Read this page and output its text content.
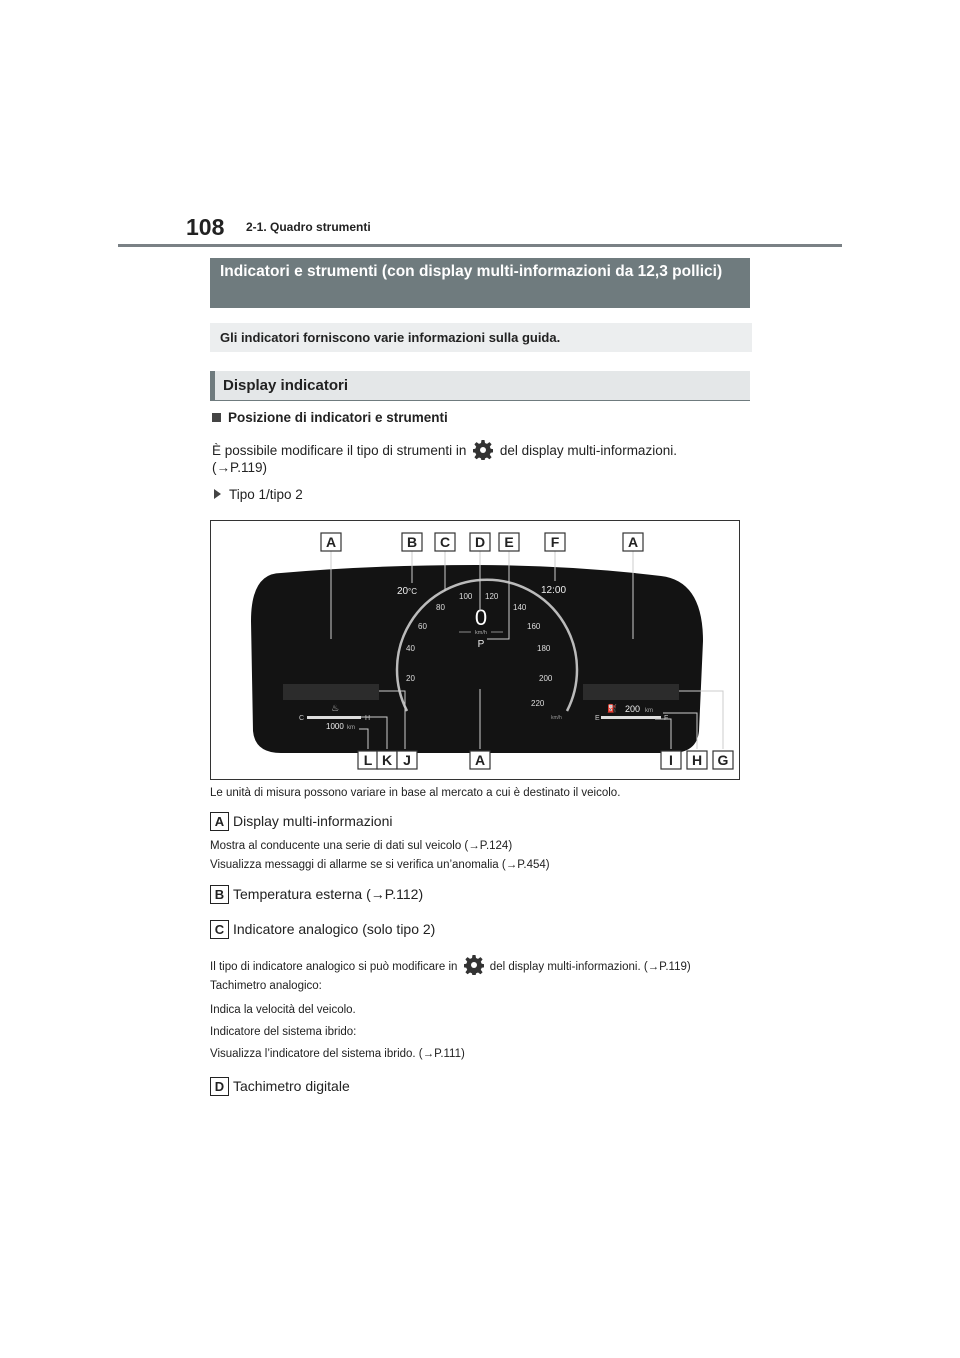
108 2-1. Quadro strumenti
Indicatori e strumenti (con display multi-informazioni da 12,3 pollici)
Gli indicatori forniscono varie informazioni sulla guida.
Display indicatori
Posizione di indicatori e strumenti
È possibile modificare il tipo di strumenti in del display multi-informazioni.
(→P.119)
Tipo 1/tipo 2
C	H
♨
1000 km
E	F
⛽ 200 km
20 °C	12:00
0
km/h
P
20
40
60
80
100 120
140
160
180
200
220
km/h
A	B C D E	F	A
L K J	A	I H G
Le unità di misura possono variare in base al mercato a cui è destinato il veicolo.
A Display multi-informazioni
Mostra al conducente una serie di dati sul veicolo (→P.124)
Visualizza messaggi di allarme se si verifica un’anomalia (→P.454)
B Temperatura esterna (→P.112)
C Indicatore analogico (solo tipo 2)
Il tipo di indicatore analogico si può modificare in	del display multi-informazioni. (→P.119)
Tachimetro analogico:
Indica la velocità del veicolo.
Indicatore del sistema ibrido:
Visualizza l’indicatore del sistema ibrido. (→P.111)
D Tachimetro digitale
